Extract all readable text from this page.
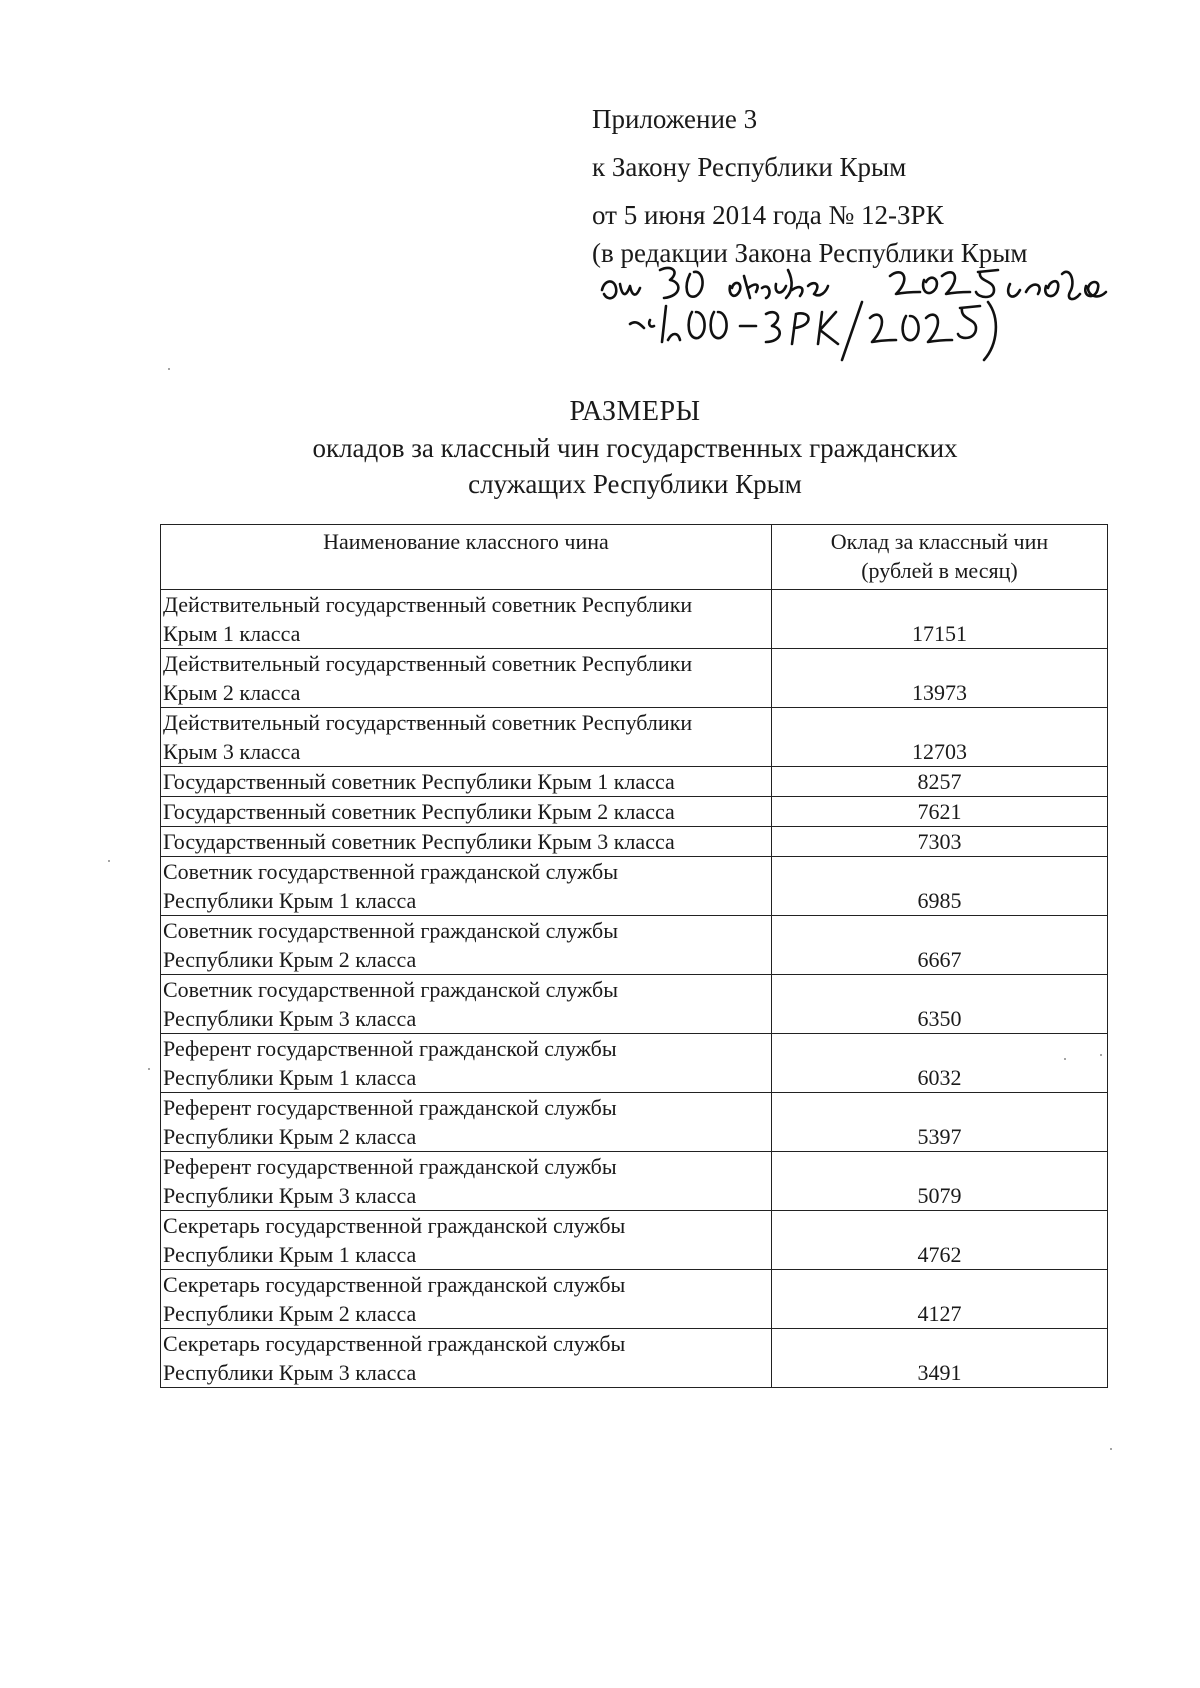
Приложение 3
к Закону Республики Крым
от 5 июня 2014 года № 12-ЗРК
(в редакции Закона Республики Крым
РАЗМЕРЫ
окладов за классный чин государственных гражданских
служащих Республики Крым
Наименование классного чина	Оклад за классный чин
(рублей в месяц)

Действительный государственный советник Республики
Крым 1 класса	17151

Действительный государственный советник Республики
Крым 2 класса	13973

Действительный государственный советник Республики
Крым 3 класса	12703
Государственный советник Республики Крым 1 класса	8257
Государственный советник Республики Крым 2 класса	7621
Государственный советник Республики Крым 3 класса	7303

Советник государственной гражданской службы
Республики Крым 1 класса	6985

Советник государственной гражданской службы
Республики Крым 2 класса	6667

Советник государственной гражданской службы
Республики Крым 3 класса	6350

Референт государственной гражданской службы
Республики Крым 1 класса	6032

Референт государственной гражданской службы
Республики Крым 2 класса	5397

Референт государственной гражданской службы
Республики Крым 3 класса	5079

Секретарь государственной гражданской службы
Республики Крым 1 класса	4762

Секретарь государственной гражданской службы
Республики Крым 2 класса	4127

Секретарь государственной гражданской службы
Республики Крым 3 класса	3491
